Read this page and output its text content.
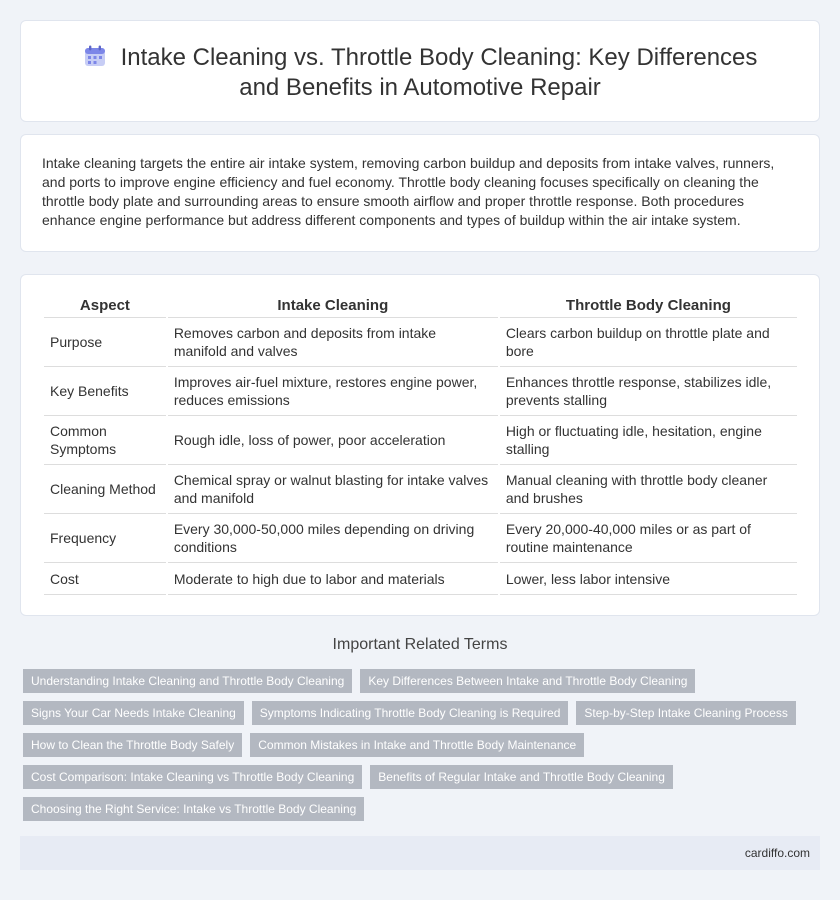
Intake Cleaning vs. Throttle Body Cleaning: Key Differences and Benefits in Automotive Repair

Intake cleaning targets the entire air intake system, removing carbon buildup and deposits from intake valves, runners, and ports to improve engine efficiency and fuel economy. Throttle body cleaning focuses specifically on cleaning the throttle body plate and surrounding areas to ensure smooth airflow and proper throttle response. Both procedures enhance engine performance but address different components and types of buildup within the air intake system.

Aspect	Intake Cleaning	Throttle Body Cleaning
Purpose	Removes carbon and deposits from intake manifold and valves	Clears carbon buildup on throttle plate and bore
Key Benefits	Improves air-fuel mixture, restores engine power, reduces emissions	Enhances throttle response, stabilizes idle, prevents stalling
Common Symptoms	Rough idle, loss of power, poor acceleration	High or fluctuating idle, hesitation, engine stalling
Cleaning Method	Chemical spray or walnut blasting for intake valves and manifold	Manual cleaning with throttle body cleaner and brushes
Frequency	Every 30,000-50,000 miles depending on driving conditions	Every 20,000-40,000 miles or as part of routine maintenance
Cost	Moderate to high due to labor and materials	Lower, less labor intensive
Important Related Terms
Understanding Intake Cleaning and Throttle Body Cleaning	Key Differences Between Intake and Throttle Body Cleaning
Signs Your Car Needs Intake Cleaning	Symptoms Indicating Throttle Body Cleaning is Required	Step-by-Step Intake Cleaning Process
How to Clean the Throttle Body Safely	Common Mistakes in Intake and Throttle Body Maintenance
Cost Comparison: Intake Cleaning vs Throttle Body Cleaning	Benefits of Regular Intake and Throttle Body Cleaning
Choosing the Right Service: Intake vs Throttle Body Cleaning
cardiffo.com
